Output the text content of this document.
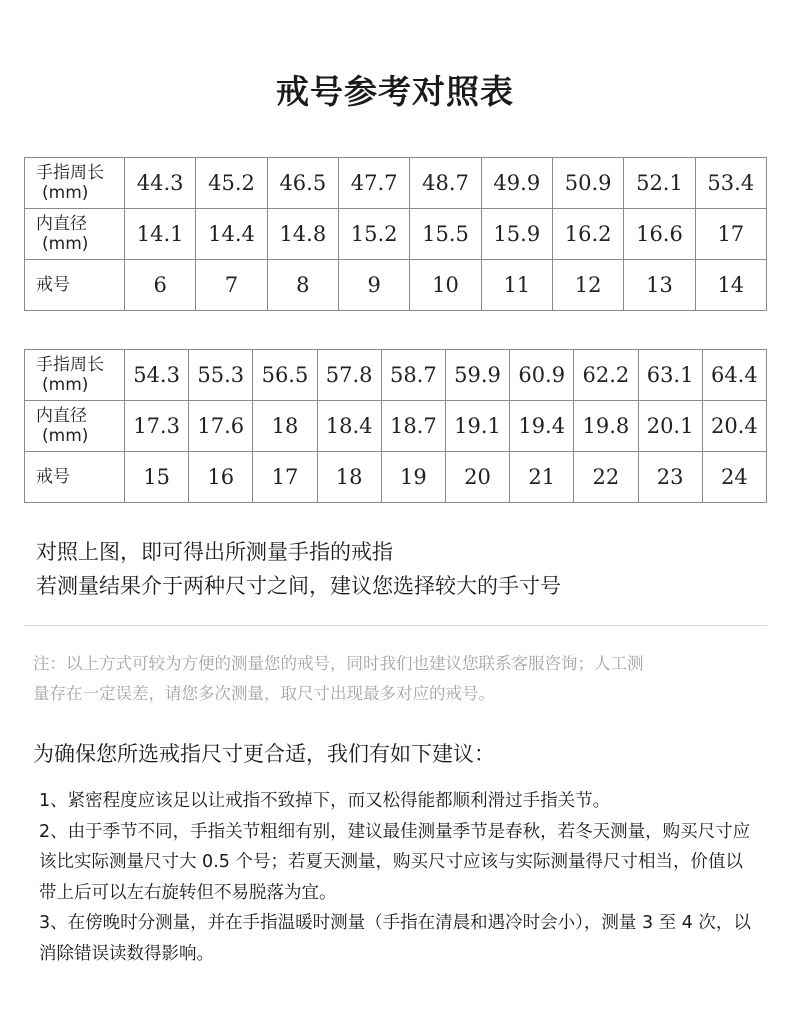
戒号参考对照表
手指周长
(mm)	44.3	45.2	46.5	47.7	48.7	49.9	50.9	52.1	53.4
内直径
(mm)	14.1	14.4	14.8	15.2	15.5	15.9	16.2	16.6	17
戒号	6	7	8	9	10	11	12	13	14
手指周长
(mm)	54.3	55.3	56.5	57.8	58.7	59.9	60.9	62.2	63.1	64.4
内直径
(mm)	17.3	17.6	18	18.4	18.7	19.1	19.4	19.8	20.1	20.4
戒号	15	16	17	18	19	20	21	22	23	24

对照上图，即可得出所测量手指的戒指

若测量结果介于两种尺寸之间，建议您选择较大的手寸号

注：以上方式可较为方便的测量您的戒号，同时我们也建议您联系客服咨询；人工测
量存在一定误差，请您多次测量，取尺寸出现最多对应的戒号。
为确保您所选戒指尺寸更合适，我们有如下建议：

1、紧密程度应该足以让戒指不致掉下，而又松得能都顺利滑过手指关节。

2、由于季节不同，手指关节粗细有别，建议最佳测量季节是春秋，若冬天测量，购买尺寸应该比实际测量尺寸大 0.5 个号；若夏天测量，购买尺寸应该与实际测量得尺寸相当，价值以带上后可以左右旋转但不易脱落为宜。

3、在傍晚时分测量，并在手指温暖时测量（手指在清晨和遇冷时会小），测量 3 至 4 次，以消除错误读数得影响。
